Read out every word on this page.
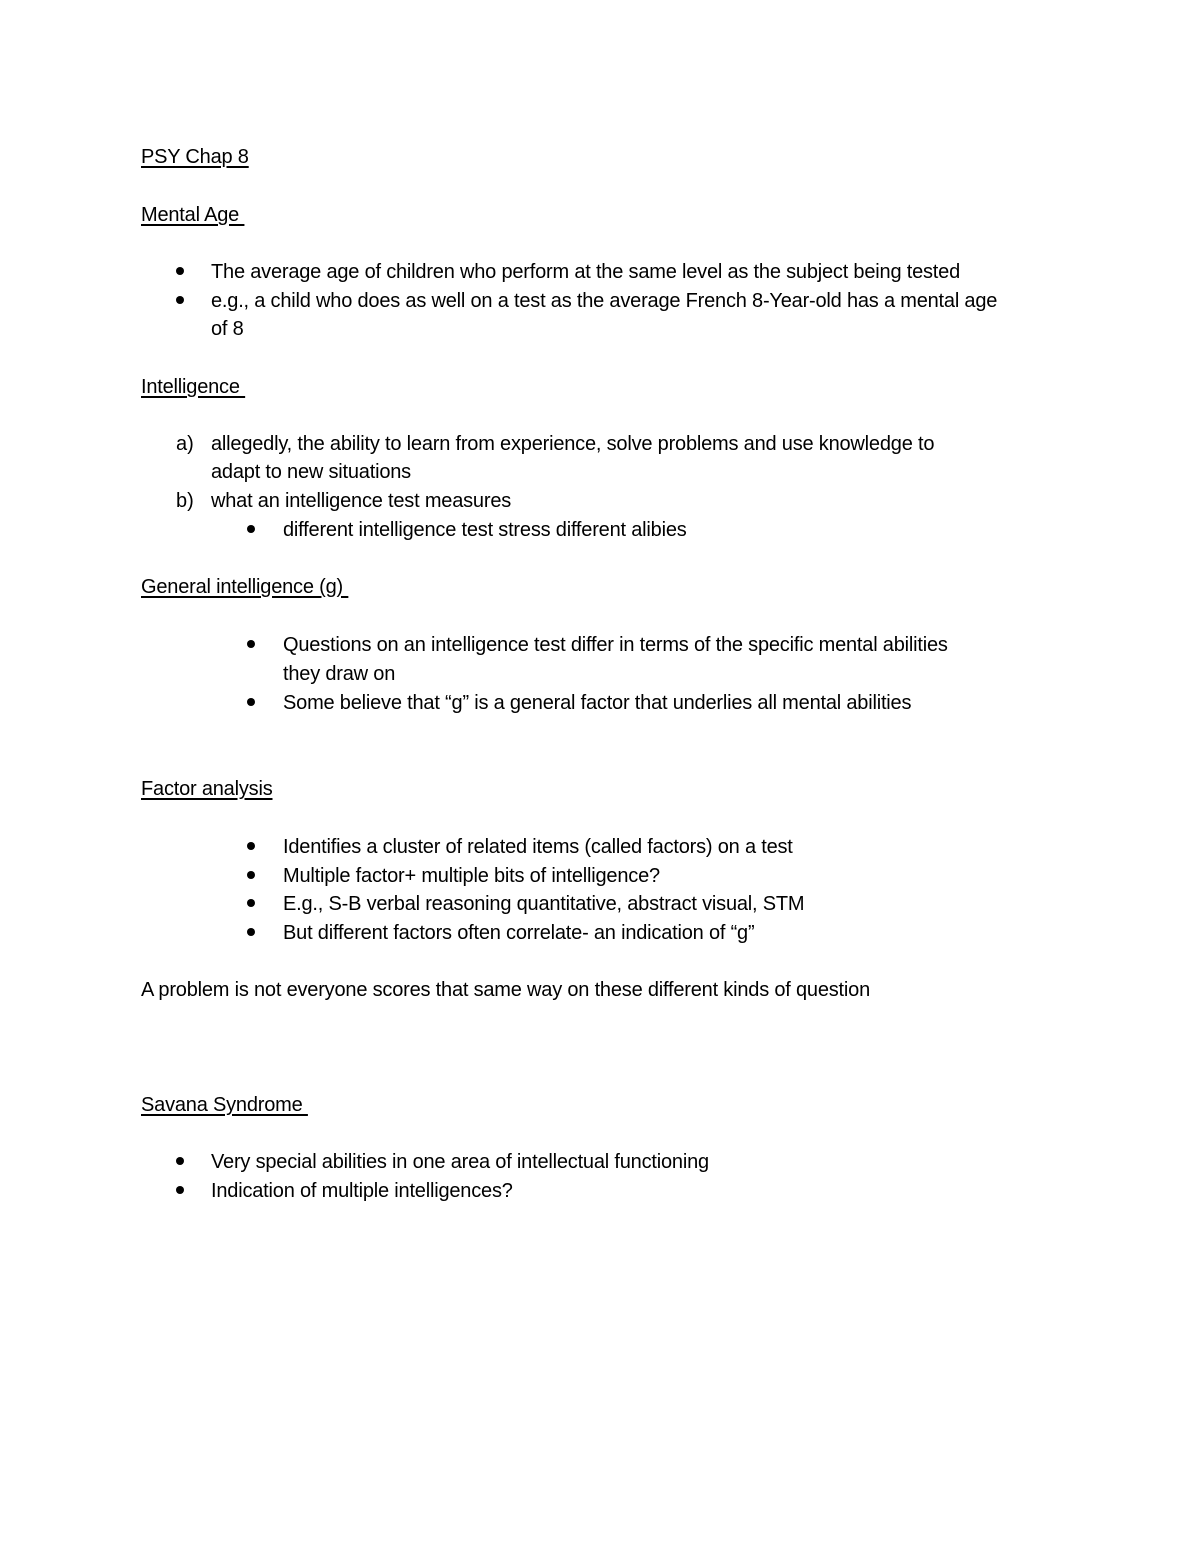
PSY Chap 8
Mental Age
The average age of children who perform at the same level as the subject being tested
e.g., a child who does as well on a test as the average French 8-Year-old has a mental age
of 8
Intelligence
a) allegedly, the ability to learn from experience, solve problems and use knowledge to
adapt to new situations
b) what an intelligence test measures
different intelligence test stress different alibies
General intelligence (g)
Questions on an intelligence test differ in terms of the specific mental abilities
they draw on
Some believe that “g” is a general factor that underlies all mental abilities
Factor analysis
Identifies a cluster of related items (called factors) on a test
Multiple factor+ multiple bits of intelligence?
E.g., S-B verbal reasoning quantitative, abstract visual, STM
But different factors often correlate- an indication of “g”
A problem is not everyone scores that same way on these different kinds of question
Savana Syndrome
Very special abilities in one area of intellectual functioning
Indication of multiple intelligences?
